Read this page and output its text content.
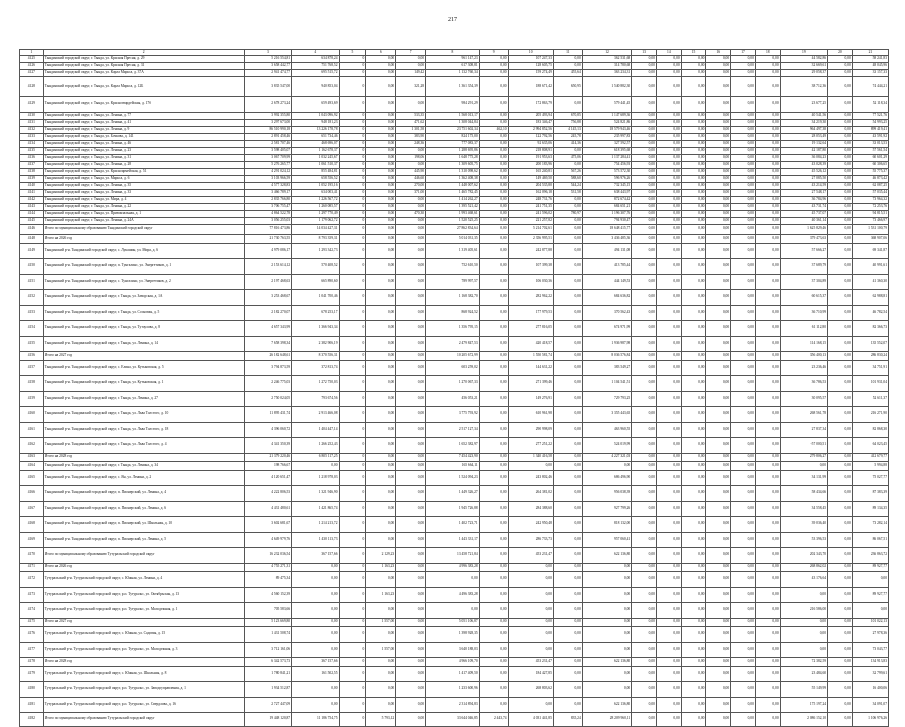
217
1	2	3	4	5	6	7	8	9	10	11	12	13	14	15	16	17	18	19	20	21
4125	Тындинский городской округ, г. Тында, ул. Красная Пресня, д. 29	5 216 554,81	634 878,24	0	0,00	0,00	961 147,23	0,00	107 247,33	0,00	362 531,68	0,00	0,00	0,00	0,00	0,00	0,00	44 582,86	0,00	58 241,83
4126	Тындинский городской округ, г. Тында, ул. Красная Пресня, д. 31	3 658 442,77	751 768,52	0	0,00	0,00	617 308,81	0,00	128 605,75	0,00	314 780,68	0,00	0,00	0,00	0,00	0,00	0,00	32 669,61	0,00	48 045,96
4127	Тындинский городской округ, г. Тында, ул. Карла Маркса, д. 37А	2 941 474,77	695 515,72	0	0,00	149,42	1 132 760,34	0,00	159 274,49	455,64	363 234,31	0,00	0,00	0,00	0,00	0,00	0,00	29 058,37	0,00	33 157,33
4128	Тындинский городской округ, г. Тында, ул. Карла Маркса, д. 12Б	3 835 547,00	940 853,04	0	0,00	321,28	1 361 354,39	0,00	188 671,42	650,95	1 540 882,30	0,00	0,00	0,00	0,00	0,00	0,00	38 712,36	0,00	74 444,21
4129	Тындинский городской округ, г. Тында, ул. Красногвардейская, д. 17б	2 678 273,24	659 493,69	0	0,00	0,00	984 291,29	0,00	172 863,79	0,00	579 441,45	0,00	0,00	0,00	0,00	0,00	0,00	23 677,25	0,00	52 118,34
4130	Тындинский городской округ, г. Тында, ул. Ленина, д. 77	3 992 355,80	1 043 096,92	0	0,00	533,35	1 568 013,17	0,00	205 493,94	670,85	1 147 689,36	0,00	0,00	0,00	0,00	0,00	0,00	40 541,56	0,00	77 521,76
4131	Тындинский городской округ, г. Тында, ул. Ленина, д. 41	3 297 673,00	948 181,23	0	0,00	471,62	1 308 044,84	0,00	183 346,47	756,88	524 821,86	0,00	0,00	0,00	0,00	0,00	0,00	34 219,30	0,00	54 993,25
4132	Тындинский городской округ, г. Тында, ул. Ленина, д. 9	86 510 990,18	13 226 178,78	0	0,00	1 301,58	23 751 602,34	462,10	2 994 852,56	4 145,13	18 579 943,46	0,00	0,00	0,00	0,00	0,00	0,00	964 497,38	0,00	899 419,41
4133	Тындинский городской округ, г. Тында, ул. Бочкова, д. 141	2 891 458,46	651 734,46	0	0,00	383,90	824 175,00	0,00	122 792,56	245,78	235 997,83	0,00	0,00	0,00	0,00	0,00	0,00	28 053,49	0,00	43 591,92
4134	Тындинский городской округ, г. Тында, ул. Ленина, д. 46	2 581 707,46	468 696,07	0	0,00	248,36	777 083,37	0,00	92 635,06	414,36	327 592,57	0,00	0,00	0,00	0,00	0,00	0,00	19 132,64	0,00	33 013,53
4135	Тындинский городской округ, г. Тында, ул. Ленина, д. 23	3 598 405,07	1 162 678,37	0	0,00	0,00	1 288 695,86	0,00	218 808,91	0,00	618 395,68	0,00	0,00	0,00	0,00	0,00	0,00	42 187,80	0,00	57 561,54
4136	Тындинский городской округ, г. Тында, ул. Ленина, д. 31	3 067 709,99	1 032 245,67	0	0,00	198,06	1 648 775,28	0,00	191 953,63	475,06	1 137 284,41	0,00	0,00	0,00	0,00	0,00	0,00	36 084,23	0,00	60 601,29
4137	Тындинский городской округ, г. Тында, ул. Ленина, д. 28	5 276 265,77	1 061 510,37	0	0,00	0,00	1 309 605,75	0,00	200 183,96	0,00	754 456,93	0,00	0,00	0,00	0,00	0,00	0,00	43 028,39	0,00	60 306,65
4138	Тындинский городской округ, г. Тында, ул. Красноармейская, д. 51	4 291 024,12	855 484,81	0	0,00	445,90	1 310 098,62	0,00	165 240,81	567,26	573 572,30	0,00	0,00	0,00	0,00	0,00	0,00	45 526,12	0,00	55 775,37
4139	Тындинский городской округ, г. Тында, ул. Маркса, д. 6	3 103 966,59	658 556,52	0	0,00	446,60	1 362 408,38	0,00	149 469,50	588,60	596 976,26	0,00	0,00	0,00	0,00	0,00	0,00	27 085,50	0,00	46 873,42
4140	Тындинский городской округ, г. Тында, ул. Ленина, д. 35	4 577 328,83	1 052 195,16	0	0,00	270,00	1 448 007,62	0,00	204 535,80	544,24	732 345,15	0,00	0,00	0,00	0,00	0,00	0,00	43 214,59	0,00	62 087,25
4141	Тындинский городской округ, г. Тында, ул. Ленина, д. 33	3 466 789,17	634 003,41	0	0,00	371,00	1 465 782,45	0,00	162 096,18	531,58	638 443,97	0,00	0,00	0,00	0,00	0,00	0,00	27 548,17	0,00	57 035,44
4142	Тындинский городской округ, г. Тында, ул. Мира, д. 4	2 835 766,80	1 226 567,72	0	0,00	0,00	1 414 262,27	0,00	248 731,76	0,00	872 674,42	0,00	0,00	0,00	0,00	0,00	0,00	36 784,96	0,00	73 964,32
4143	Тындинский городской округ, г. Тында, ул. Ленина, д. 22	3 706 755,47	1 260 085,57	0	0,00	0,00	1 395 521,42	0,00	241 751,35	0,00	684 651,21	0,00	0,00	0,00	0,00	0,00	0,00	43 731,74	0,00	72 253,76
4144	Тындинский городской округ, г. Тында, ул. Привокзальная, д. 1	4 864 522,78	1 297 770,49	0	0,00	470,30	1 993 468,61	0,00	241 596,02	780,97	1 196 307,76	0,00	0,00	0,00	0,00	0,00	0,00	45 737,07	0,00	94 815,51
4145	Тындинский городской округ, г. Тында, ул. Ленина, д. 24А	3 056 255,03	1 179 062,72	0	0,00	0,00	1 520 525,25	0,00	221 257,82	0,00	794 930,47	0,00	0,00	0,00	0,00	0,00	0,00	40 361,14	0,00	73 466,97
4146	Итого по муниципальному образованию Тындинский городской округ	77 816 473,86	14 034 427,31	0	0,00	0,00	27 862 834,64	0,00	5 214 702,61	0,00	18 648 415,77	0,00	0,00	0,00	0,00	0,00	0,00	1 625 829,46	0,00	1 531 100,79
4148	Итого на 2026 год	21 730 763,55	8 793 359,31	0	0,00	0,00	5 014 031,35	0,00	2 356 995,51	0,00	3 436 485,36	0,00	0,00	0,00	0,00	0,00	0,00	379 473,63	0,00	368 907,06
4149	Тындинский р-н. Тындинский городской округ, с. Лукашин, ул. Мира, д. 6	4 979 086,17	1 293 342,73	0	0,00	0,00	1 319 405,61	0,00	242 877,88	0,00	494 131,08	0,00	0,00	0,00	0,00	0,00	0,00	57 666,27	0,00	69 341,87
4150	Тындинский р-н. Тындинский городской округ, п. Тунгалинс, ул. Энергетиков, д. 1	2 153 614,12	570 408,52	0	0,00	0,00	752 610,50	0,00	107 399,38	0,00	413 785,44	0,00	0,00	0,00	0,00	0,00	0,00	37 689,79	0,00	40 991,61
4151	Тындинский р-н. Тындинский городской округ, с. Тунгалинс, ул. Энергетиков, д. 2	2 197 468,63	665 890,60	0	0,00	0,00	789 997,57	0,00	106 030,36	0,00	444 149,53	0,00	0,00	0,00	0,00	0,00	0,00	37 304,89	0,00	41 360,30
4152	Тындинский р-н. Тындинский городской округ, г. Тында, ул. Заводская, д. 1А	3 253 468,67	1 041 700,46	0	0,00	0,00	1 168 382,70	0,00	282 962,22	0,00	684 636,82	0,00	0,00	0,00	0,00	0,00	0,00	60 615,37	0,00	62 988,81
4153	Тындинский р-н. Тындинский городской округ, г. Тында, ул. Сосновая, д. 5	2 182 270,07	678 253,17	0	0,00	0,00	868 924,52	0,00	177 979,53	0,00	370 562,43	0,00	0,00	0,00	0,00	0,00	0,00	36 710,99	0,00	46 782,54
4154	Тындинский р-н. Тындинский городской округ, г. Тында, ул. Тутаулова, д. 8	4 657 343,99	1 366 943,34	0	0,00	0,00	1 356 795,15	0,00	277 816,05	0,00	674 971,99	0,00	0,00	0,00	0,00	0,00	0,00	61 112,80	0,00	82 366,73
4155	Тындинский р-н. Тындинский городской округ, г. Тында, ул. Ленина, д. 14	7 658 398,34	2 382 906,19	0	0,00	0,00	2 479 847,53	0,00	420 418,57	0,00	1 936 987,98	0,00	0,00	0,00	0,00	0,00	0,00	114 168,15	0,00	135 552,07
4156	Итого на 2027 год	26 182 648,61	8 370 556,31	0	0,00	0,00	10 205 672,99	0,00	1 550 581,74	0,00	8 036 576,84	0,00	0,00	0,00	0,00	0,00	0,00	356 400,13	0,00	286 830,24
4157	Тындинский р-н. Тындинский городской округ, с. Елина, ул. Кутьковская, д. 5	3 794 873,59	372 813,74	0	0,00	0,00	603 259,02	0,00	144 631,22	0,00	383 549,27	0,00	0,00	0,00	0,00	0,00	0,00	23 236,46	0,00	34 751,91
4158	Тындинский р-н. Тындинский городской округ, г. Тында, ул. Кутьковская, д. 1	2 246 775,03	1 272 750,03	0	0,00	0,00	1 270 067,33	0,00	271 399,46	0,00	1 104 541,51	0,00	0,00	0,00	0,00	0,00	0,00	36 786,53	0,00	101 931,04
4159	Тындинский р-н. Тындинский городской округ, г. Тында, ул. Ленина, д. 27	2 750 024,05	793 674,56	0	0,00	0,00	456 053,21	0,00	149 276,91	0,00	729 793,25	0,00	0,00	0,00	0,00	0,00	0,00	30 095,57	0,00	52 611,37
4160	Тындинский р-н. Тындинский городской округ, г. Тында, ул. Льва Толстого, д. 10	11 895 431,74	2 913 466,08	0	0,00	0,00	3 775 793,92	0,00	610 961,98	0,00	3 355 443,65	0,00	0,00	0,00	0,00	0,00	0,00	268 561,78	0,00	216 271,90
4161	Тындинский р-н. Тындинский городской округ, г. Тында, ул. Льва Толстого, д. 18	4 396 060,72	1 404 447,14	0	0,00	0,00	2 517 127,34	0,00	290 998,09	0,00	463 960,55	0,00	0,00	0,00	0,00	0,00	0,00	27 837,34	0,00	82 868,30
4162	Тындинский р-н. Тындинский городской округ, г. Тында, ул. Льва Толстого, д. 4	4 341 350,39	1 266 252,43	0	0,00	0,00	1 652 382,97	0,00	277 251,22	0,00	524 019,99	0,00	0,00	0,00	0,00	0,00	0,00	-57 000,51	0,00	64 023,45
4163	Итого на 2028 год	21 379 220,46	6 805 117,25	0	0,00	0,00	7 454 423,90	0,00	1 340 416,58	0,00	4 227 321,03	0,00	0,00	0,00	0,00	0,00	0,00	279 806,27	0,00	412 679,77
4164	Тындинский р-н. Тындинский городской округ, г. Тында, ул. Ленина, д. 34	198 766,67	0,00	0	0,00	0,00	165 664,11	0,00	0,00	0,00	0,00	0,00	0,00	0,00	0,00	0,00	0,00	0,00	0,00	5 994,88
4165	Тындинский р-н. Тындинский городской округ, с. Ян, ул. Ленина, д. 2	4 120 651,47	1 218 978,03	0	0,00	0,00	1 524 094,23	0,00	243 802,46	0,00	686 496,90	0,00	0,00	0,00	0,00	0,00	0,00	34 131,99	0,00	75 027,77
4166	Тындинский р-н. Тындинский городской округ, п. Пионерский, ул. Ленина, д. 4	4 222 806,53	1 321 946,90	0	0,00	0,00	1 449 326,27	0,00	264 381,02	0,00	956 038,39	0,00	0,00	0,00	0,00	0,00	0,00	58 434,66	0,00	87 383,39
4167	Тындинский р-н. Тындинский городской округ, п. Пионерский, ул. Ленина, д. 6	4 431 480,61	1 421 865,74	0	0,00	0,00	1 945 726,88	0,00	284 388,60	0,00	927 799,26	0,00	0,00	0,00	0,00	0,00	0,00	34 558,45	0,00	89 134,35
4168	Тындинский р-н. Тындинский городской округ, п. Пионерский, ул. Школьная, д. 10	3 602 681,67	1 214 213,72	0	0,00	0,00	1 402 723,71	0,00	242 950,48	0,00	818 132,00	0,00	0,00	0,00	0,00	0,00	0,00	39 036,40	0,00	73 282,14
4169	Тындинский р-н. Тындинский городской округ, п. Пионерский, ул. Ленина, д. 5	4 649 979,76	1 430 113,73	0	0,00	0,00	1 443 331,17	0,00	286 733,73	0,00	957 060,41	0,00	0,00	0,00	0,00	0,00	0,00	53 396,53	0,00	86 067,51
4170	Итого по муниципальному образованию Тутуральский городской округ	16 232 036,54	367 157,66	0	2 129,23	0,00	13 458 721,84	0,00	453 231,47	0,00	622 136,80	0,00	0,00	0,00	0,00	0,00	0,00	202 343,70	0,00	236 863,72
4171	Итого на 2026 год	4 755 271,31	0,00	0	1 163,23	0,00	4 996 383,28	0,00	0,00	0,00	0,00	0,00	0,00	0,00	0,00	0,00	0,00	268 862,02	0,00	89 927,77
4172	Тутуральский р-н. Тутуральский городской округ, с. Южная, ул. Ленина, д. 4	89 475,34	0,00	0	0,00	0,00	0,00	0,00	0,00	0,00	0,00	0,00	0,00	0,00	0,00	0,00	0,00	43 176,64	0,00	0,00
4173	Тутуральский р-н. Тутуральский городской округ, р.п. Тутуральс, ул. Октябрьская, д. 13	4 560 152,39	0,00	0	1 163,23	0,00	4 496 383,28	0,00	0,00	0,00	0,00	0,00	0,00	0,00	0,00	0,00	0,00	0,00	0,00	89 927,77
4174	Тутуральский р-н. Тутуральский городской округ, р.п. Тутуральс, ул. Молодежная, д. 1	705 583,66	0,00	0	0,00	0,00	0,00	0,00	0,00	0,00	0,00	0,00	0,00	0,00	0,00	0,00	0,00	216 586,00	0,00	0,00
4175	Итого на 2027 год	5 123 669,80	0,00	0	1 557,00	0,00	5 051 106,87	0,00	0,00	0,00	0,00	0,00	0,00	0,00	0,00	0,00	0,00	0,00	0,00	101 022,13
4176	Тутуральский р-н. Тутуральский городской округ, с. Южная, ул. Садовая, д. 15	1 431 508,74	0,00	0	0,00	0,00	1 398 928,35	0,00	0,00	0,00	0,00	0,00	0,00	0,00	0,00	0,00	0,00	0,00	0,00	27 978,36
4177	Тутуральский р-н. Тутуральский городской округ, р.п. Тутуральс, ул. Молодежная, д. 3	3 712 161,06	0,00	0	1 557,00	0,00	3 640 188,03	0,00	0,00	0,00	0,00	0,00	0,00	0,00	0,00	0,00	0,00	0,00	0,00	73 043,77
4178	Итого на 2028 год	6 342 573,73	367 157,66	0	0,00	0,00	4 966 109,70	0,00	453 231,47	0,00	622 136,80	0,00	0,00	0,00	0,00	0,00	0,00	72 382,59	0,00	134 913,83
4179	Тутуральский р-н. Тутуральский городской округ, с. Южная, ул. Школьная, д. 8	1 780 841,21	161 502,55	0	0,00	0,00	1 417 409,50	0,00	184 427,85	0,00	0,00	0,00	0,00	0,00	0,00	0,00	0,00	23 484,60	0,00	32 799,61
4180	Тутуральский р-н. Тутуральский городской округ, р.п. Тутуральс, ул. Заводоуправления, д. 1	1 934 512,87	0,00	0	0,00	0,00	1 233 600,96	0,00	268 803,62	0,00	0,00	0,00	0,00	0,00	0,00	0,00	0,00	55 149,99	0,00	16 400,06
4181	Тутуральский р-н. Тутуральский городской округ, р.п. Тутуральс, ул. Свердлова, д. 16	2 727 447,09	0,00	0	0,00	0,00	2 314 894,83	0,00	0,00	0,00	622 136,80	0,00	0,00	0,00	0,00	0,00	0,00	175 197,24	0,00	34 091,07
4182	Итого по муниципальному образованию Тутуральский городской округ	19 448 120,87	11 186 754,75	0	5 793,12	0,00	33 644 046,85	2 443,74	4 031 441,85	835,24	28 209 960,11	0,00	0,00	0,00	0,00	0,00	0,00	2 086 152,10	0,00	1 106 976,26
